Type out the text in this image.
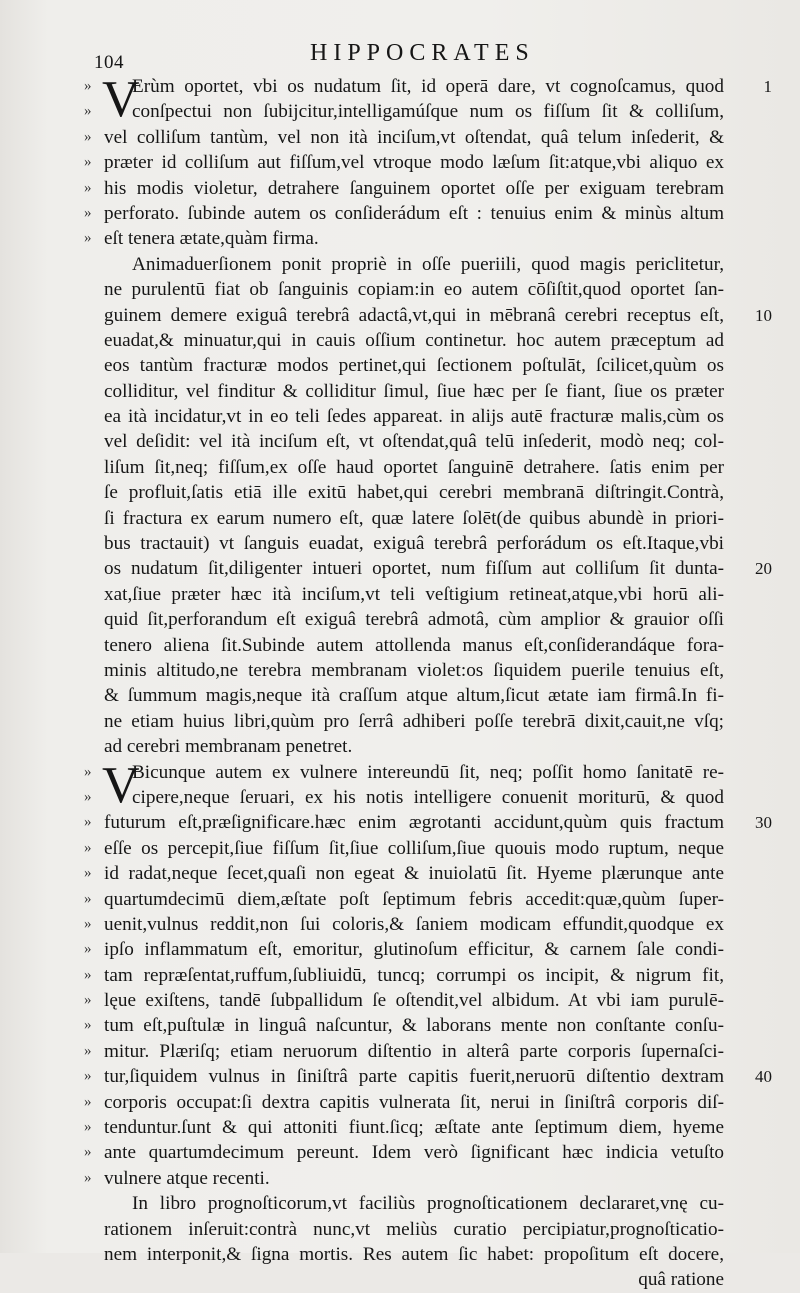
104	HIPPOCRATES
» V
Erùm oportet, vbi os nudatum ſit, id operā dare, vt cognoſcamus, quod	1
» conſpectui non ſubijcitur,intelligamúſque num os fiſſum ſit & colliſum,
» vel colliſum tantùm, vel non ità inciſum,vt oſtendat, quâ telum inſederit, &
» præter id colliſum aut fiſſum,vel vtroque modo læſum ſit:atque,vbi aliquo ex
» his modis violetur, detrahere ſanguinem oportet oſſe per exiguam terebram
» perforato. ſubinde autem os conſiderádum eſt : tenuius enim & minùs altum
» eſt tenera ætate,quàm firma.
Animaduerſionem ponit propriè in oſſe pueriili, quod magis periclitetur,
ne purulentū fiat ob ſanguinis copiam:in eo autem cōſiſtit,quod oportet ſan-
guinem demere exiguâ terebrâ adactâ,vt,qui in mēbranâ cerebri receptus eſt,	10
euadat,& minuatur,qui in cauis oſſium continetur. hoc autem præceptum ad
eos tantùm fracturæ modos pertinet,qui ſectionem poſtulāt, ſcilicet,quùm os
colliditur, vel finditur & colliditur ſimul, ſiue hæc per ſe fiant, ſiue os præter
ea ità incidatur,vt in eo teli ſedes appareat. in alijs autē fracturæ malis,cùm os
vel deſidit: vel ità inciſum eſt, vt oſtendat,quâ telū inſederit, modò neq; col-
liſum ſit,neq; fiſſum,ex oſſe haud oportet ſanguinē detrahere. ſatis enim per
ſe profluit,ſatis etiā ille exitū habet,qui cerebri membranā diſtringit.Contrà,
ſi fractura ex earum numero eſt, quæ latere ſolēt(de quibus abundè in priori-
bus tractauit) vt ſanguis euadat, exiguâ terebrâ perforádum os eſt.Itaque,vbi
os nudatum ſit,diligenter intueri oportet, num fiſſum aut colliſum ſit dunta-	20
xat,ſiue præter hæc ità inciſum,vt teli veſtigium retineat,atque,vbi horū ali-
quid ſit,perforandum eſt exiguâ terebrâ admotâ, cùm amplior & grauior oſſi
tenero aliena ſit.Subinde autem attollenda manus eſt,conſiderandáque fora-
minis altitudo,ne terebra membranam violet:os ſiquidem puerile tenuius eſt,
& ſummum magis,neque ità craſſum atque altum,ſicut ætate iam firmâ.In fi-
ne etiam huius libri,quùm pro ſerrâ adhiberi poſſe terebrā dixit,cauit,ne vſq;
ad cerebri membranam penetret.
» V
Bicunque autem ex vulnere intereundū ſit, neq; poſſit homo ſanitatē re-
» cipere,neque ſeruari, ex his notis intelligere conuenit moriturū, & quod
» futurum eſt,præſignificare.hæc enim ægrotanti accidunt,quùm quis fractum	30
» eſſe os percepit,ſiue fiſſum ſit,ſiue colliſum,ſiue quouis modo ruptum, neque
» id radat,neque ſecet,quaſi non egeat & inuiolatū ſit. Hyeme plærunque ante
» quartumdecimū diem,æſtate poſt ſeptimum febris accedit:quæ,quùm ſuper-
» uenit,vulnus reddit,non ſui coloris,& ſaniem modicam effundit,quodque ex
» ipſo inflammatum eſt, emoritur, glutinoſum efficitur, & carnem ſale condi-
» tam repræſentat,ruffum,ſubliuidū, tuncq; corrumpi os incipit, & nigrum fit,
» lęue exiſtens, tandē ſubpallidum ſe oſtendit,vel albidum. At vbi iam purulē-
» tum eſt,puſtulæ in linguâ naſcuntur, & laborans mente non conſtante conſu-
» mitur. Plæriſq; etiam neruorum diſtentio in alterâ parte corporis ſupernaſci-
» tur,ſiquidem vulnus in ſiniſtrâ parte capitis fuerit,neruorū diſtentio dextram	40
» corporis occupat:ſi dextra capitis vulnerata ſit, nerui in ſiniſtrâ corporis diſ-
» tenduntur.ſunt & qui attoniti fiunt.ſicq; æſtate ante ſeptimum diem, hyeme
» ante quartumdecimum pereunt. Idem verò ſignificant hæc indicia vetuſto
» vulnere atque recenti.
In libro prognoſticorum,vt faciliùs prognoſticationem declararet,vnę cu-
rationem inſeruit:contrà nunc,vt meliùs curatio percipiatur,prognoſticatio-
nem interponit,& ſigna mortis. Res autem ſic habet: propoſitum eſt docere,
quâ ratione
